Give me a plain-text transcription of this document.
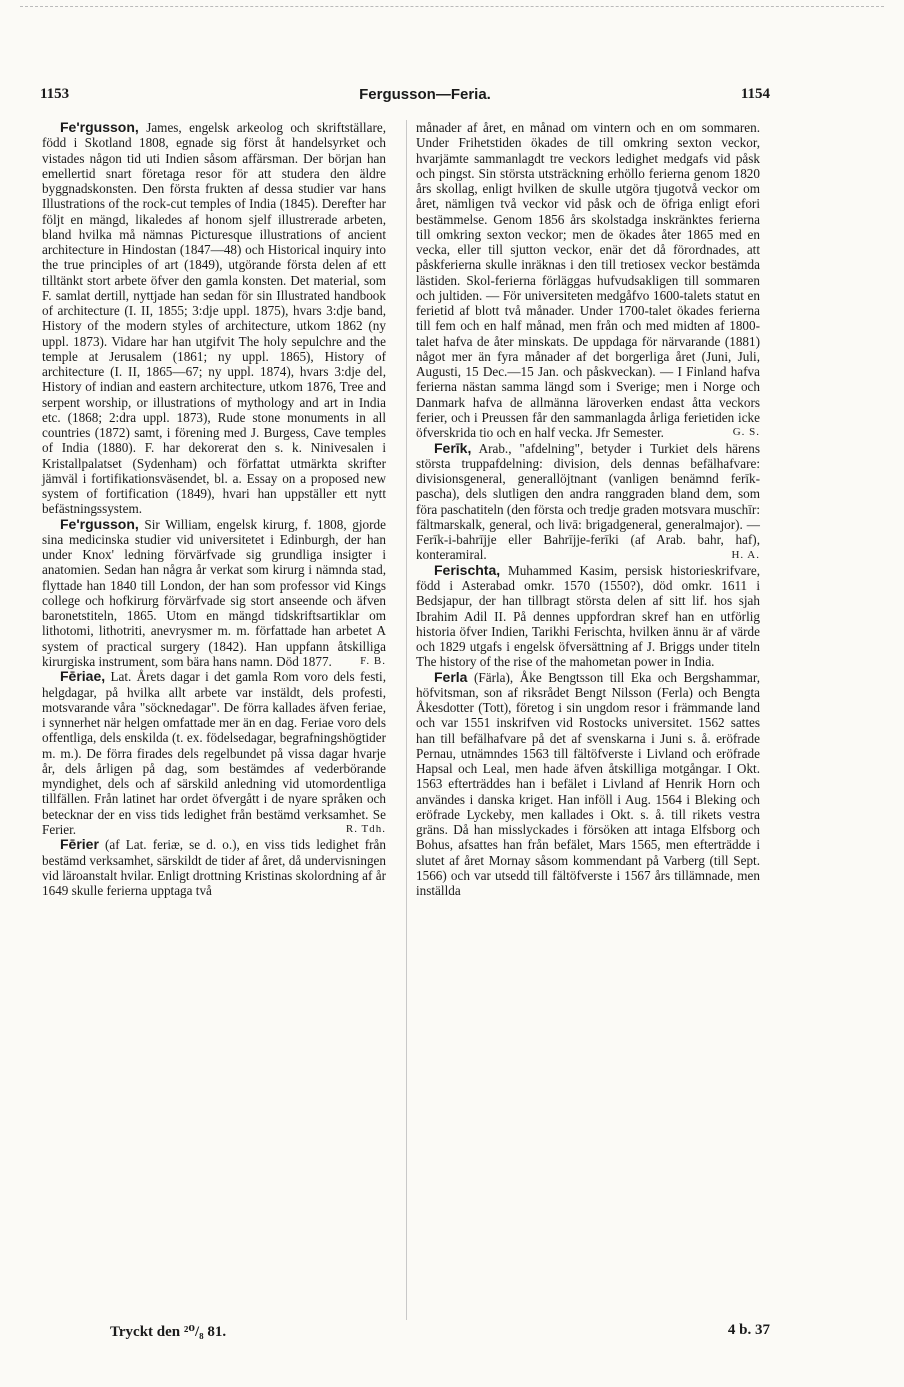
1153	Fergusson—Feria.	1154

Fe'rgusson, James, engelsk arkeolog och skriftställare, född i Skotland 1808, egnade sig först åt handelsyrket och vistades någon tid uti Indien såsom affärsman. Der början han emellertid snart företaga resor för att studera den äldre byggnadskonsten. Den första frukten af dessa studier var hans Illustrations of the rock-cut temples of India (1845). Derefter har följt en mängd, likaledes af honom sjelf illustrerade arbeten, bland hvilka må nämnas Picturesque illustrations of ancient architecture in Hindostan (1847—48) och Historical inquiry into the true principles of art (1849), utgörande första delen af ett tilltänkt stort arbete öfver den gamla konsten. Det material, som F. samlat dertill, nyttjade han sedan för sin Illustrated handbook of architecture (I. II, 1855; 3:dje uppl. 1875), hvars 3:dje band, History of the modern styles of architecture, utkom 1862 (ny uppl. 1873). Vidare har han utgifvit The holy sepulchre and the temple at Jerusalem (1861; ny uppl. 1865), History of architecture (I. II, 1865—67; ny uppl. 1874), hvars 3:dje del, History of indian and eastern architecture, utkom 1876, Tree and serpent worship, or illustrations of mythology and art in India etc. (1868; 2:dra uppl. 1873), Rude stone monuments in all countries (1872) samt, i förening med J. Burgess, Cave temples of India (1880). F. har dekorerat den s. k. Ninivesalen i Kristallpalatset (Sydenham) och författat utmärkta skrifter jämväl i fortifikationsväsendet, bl. a. Essay on a proposed new system of fortification (1849), hvari han uppställer ett nytt befästningssystem.

Fe'rgusson, Sir William, engelsk kirurg, f. 1808, gjorde sina medicinska studier vid universitetet i Edinburgh, der han under Knox' ledning förvärfvade sig grundliga insigter i anatomien. Sedan han några år verkat som kirurg i nämnda stad, flyttade han 1840 till London, der han som professor vid Kings college och hofkirurg förvärfvade sig stort anseende och äfven baronetstiteln, 1865. Utom en mängd tidskriftsartiklar om lithotomi, lithotriti, anevrysmer m. m. författade han arbetet A system of practical surgery (1842). Han uppfann åtskilliga kirurgiska instrument, som bära hans namn. Död 1877.	F. B.

Fēriae, Lat. Årets dagar i det gamla Rom voro dels festi, helgdagar, på hvilka allt arbete var instäldt, dels profesti, motsvarande våra "söcknedagar". De förra kallades äfven feriae, i synnerhet när helgen omfattade mer än en dag. Feriae voro dels offentliga, dels enskilda (t. ex. födelsedagar, begrafningshögtider m. m.). De förra firades dels regelbundet på vissa dagar hvarje år, dels årligen på dag, som bestämdes af vederbörande myndighet, dels och af särskild anledning vid utomordentliga tillfällen. Från latinet har ordet öfvergått i de nyare språken och betecknar der en viss tids ledighet från bestämd verksamhet. Se Ferier.	R. Tdh.

Fērier (af Lat. feriæ, se d. o.), en viss tids ledighet från bestämd verksamhet, särskildt de tider af året, då undervisningen vid läroanstalt hvilar. Enligt drottning Kristinas skolordning af år 1649 skulle ferierna upptaga två

månader af året, en månad om vintern och en om sommaren. Under Frihetstiden ökades de till omkring sexton veckor, hvarjämte sammanlagdt tre veckors ledighet medgafs vid påsk och pingst. Sin största utsträckning erhöllo ferierna genom 1820 års skollag, enligt hvilken de skulle utgöra tjugotvå veckor om året, nämligen två veckor vid påsk och de öfriga enligt efori bestämmelse. Genom 1856 års skolstadga inskränktes ferierna till omkring sexton veckor; men de ökades åter 1865 med en vecka, eller till sjutton veckor, enär det då förordnades, att påskferierna skulle inräknas i den till tretiosex veckor bestämda lästiden. Skol-ferierna förläggas hufvudsakligen till sommaren och jultiden. — För universiteten medgåfvo 1600-talets statut en ferietid af blott två månader. Under 1700-talet ökades ferierna till fem och en half månad, men från och med midten af 1800-talet hafva de åter minskats. De uppdaga för närvarande (1881) något mer än fyra månader af det borgerliga året (Juni, Juli, Augusti, 15 Dec.—15 Jan. och påskveckan). — I Finland hafva ferierna nästan samma längd som i Sverige; men i Norge och Danmark hafva de allmänna läroverken endast åtta veckors ferier, och i Preussen får den sammanlagda årliga ferietiden icke öfverskrida tio och en half vecka. Jfr Semester.	G. S.

Ferīk, Arab., "afdelning", betyder i Turkiet dels härens största truppafdelning: division, dels dennas befälhafvare: divisionsgeneral, generallöjtnant (vanligen benämnd ferīk-pascha), dels slutligen den andra ranggraden bland dem, som föra paschatiteln (den första och tredje graden motsvara muschīr: fältmarskalk, general, och livā: brigadgeneral, generalmajor). — Ferīk-i-bahrījje eller Bahrījje-ferīki (af Arab. bahr, haf), konteramiral.	H. A.

Ferischta, Muhammed Kasim, persisk historieskrifvare, född i Asterabad omkr. 1570 (1550?), död omkr. 1611 i Bedsjapur, der han tillbragt största delen af sitt lif. hos sjah Ibrahim Adil II. På dennes uppfordran skref han en utförlig historia öfver Indien, Tarikhi Ferischta, hvilken ännu är af värde och 1829 utgafs i engelsk öfversättning af J. Briggs under titeln The history of the rise of the mahometan power in India.

Ferla (Färla), Åke Bengtsson till Eka och Bergshammar, höfvitsman, son af riksrådet Bengt Nilsson (Ferla) och Bengta Åkesdotter (Tott), företog i sin ungdom resor i främmande land och var 1551 inskrifven vid Rostocks universitet. 1562 sattes han till befälhafvare på det af svenskarna i Juni s. å. eröfrade Pernau, utnämndes 1563 till fältöfverste i Livland och eröfrade Hapsal och Leal, men hade äfven åtskilliga motgångar. I Okt. 1563 efterträddes han i befälet i Livland af Henrik Horn och användes i danska kriget. Han inföll i Aug. 1564 i Bleking och eröfrade Lyckeby, men kallades i Okt. s. å. till rikets vestra gräns. Då han misslyckades i försöken att intaga Elfsborg och Bohus, afsattes han från befälet, Mars 1565, men efterträdde i slutet af året Mornay såsom kommendant på Varberg (till Sept. 1566) och var utsedd till fältöfverste i 1567 års tillämnade, men inställda

Tryckt den ²⁰/₈ 81.	4 b. 37
